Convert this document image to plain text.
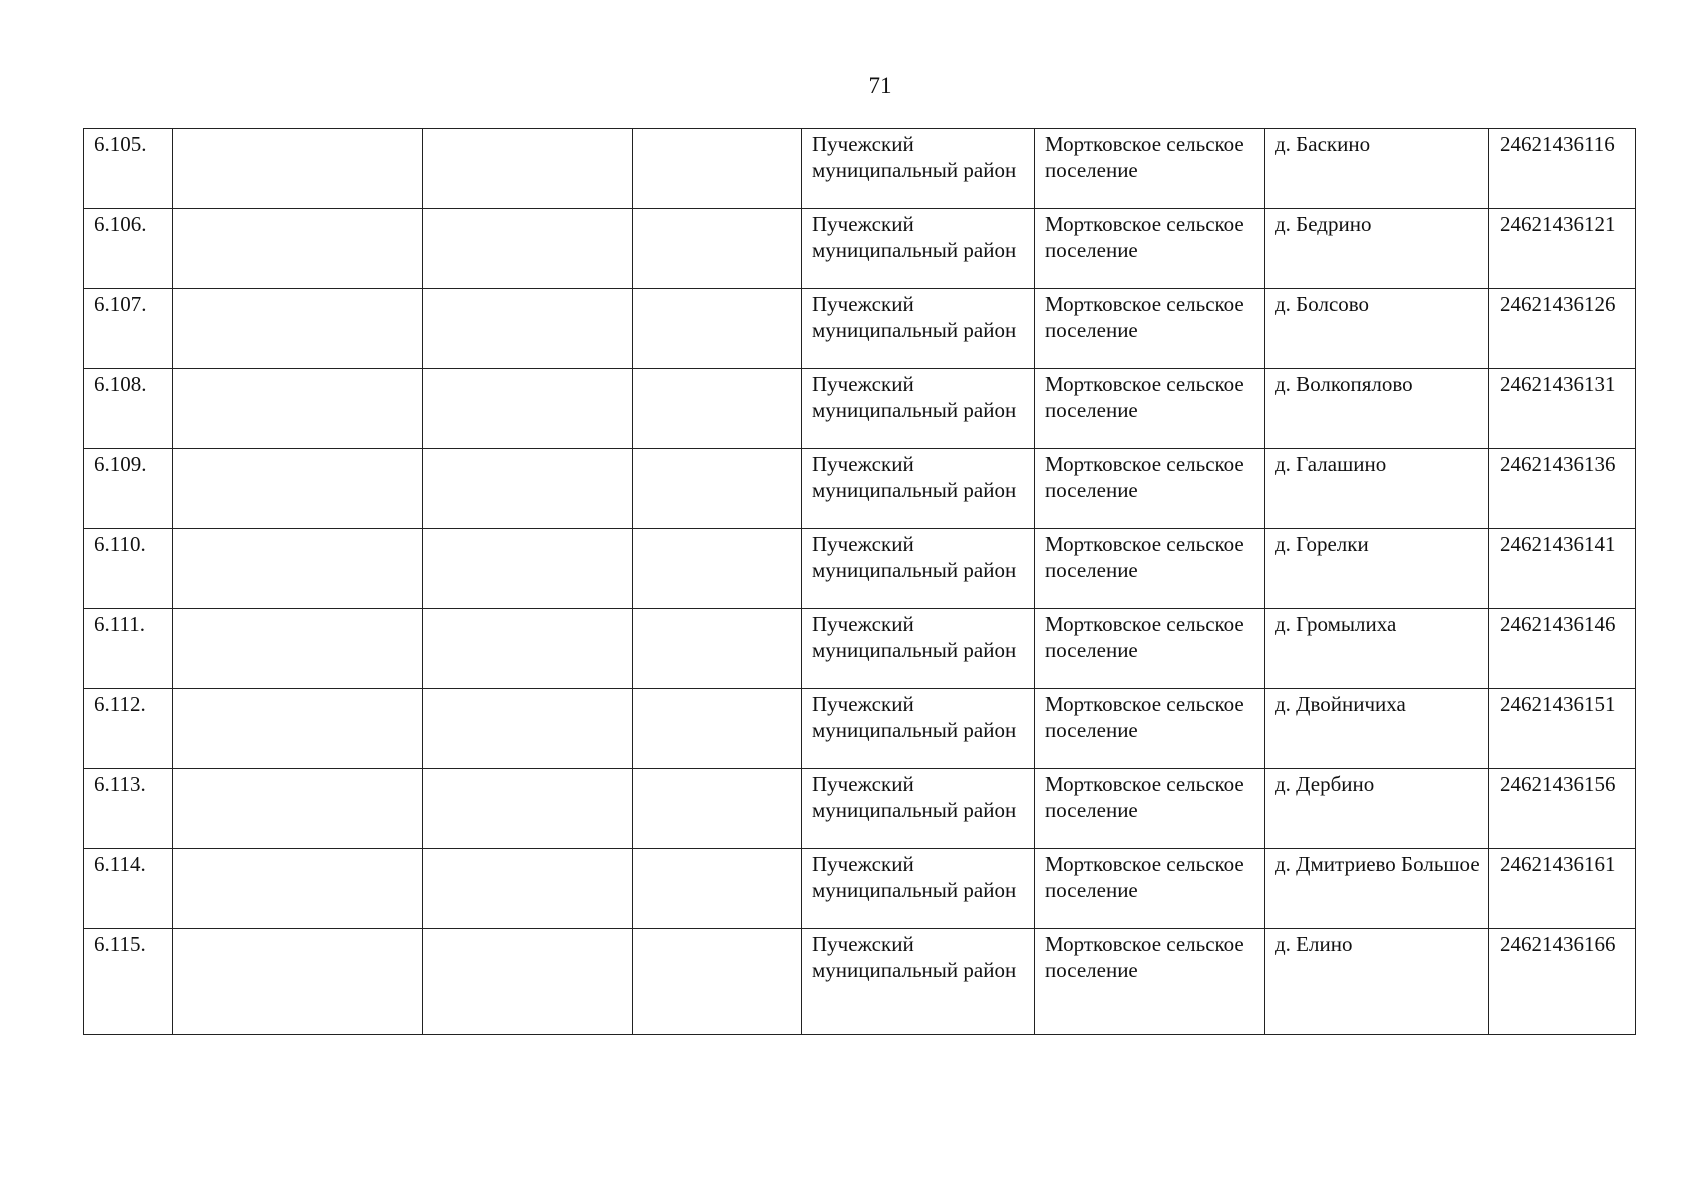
71
6.105.				Пучежский муниципальный район	Мортковское сельское поселение	д. Баскино	24621436116
6.106.				Пучежский муниципальный район	Мортковское сельское поселение	д. Бедрино	24621436121
6.107.				Пучежский муниципальный район	Мортковское сельское поселение	д. Болсово	24621436126
6.108.				Пучежский муниципальный район	Мортковское сельское поселение	д. Волкопялово	24621436131
6.109.				Пучежский муниципальный район	Мортковское сельское поселение	д. Галашино	24621436136
6.110.				Пучежский муниципальный район	Мортковское сельское поселение	д. Горелки	24621436141
6.111.				Пучежский муниципальный район	Мортковское сельское поселение	д. Громылиха	24621436146
6.112.				Пучежский муниципальный район	Мортковское сельское поселение	д. Двойничиха	24621436151
6.113.				Пучежский муниципальный район	Мортковское сельское поселение	д. Дербино	24621436156
6.114.				Пучежский муниципальный район	Мортковское сельское поселение	д. Дмитриево Большое	24621436161
6.115.				Пучежский муниципальный район	Мортковское сельское поселение	д. Елино	24621436166
